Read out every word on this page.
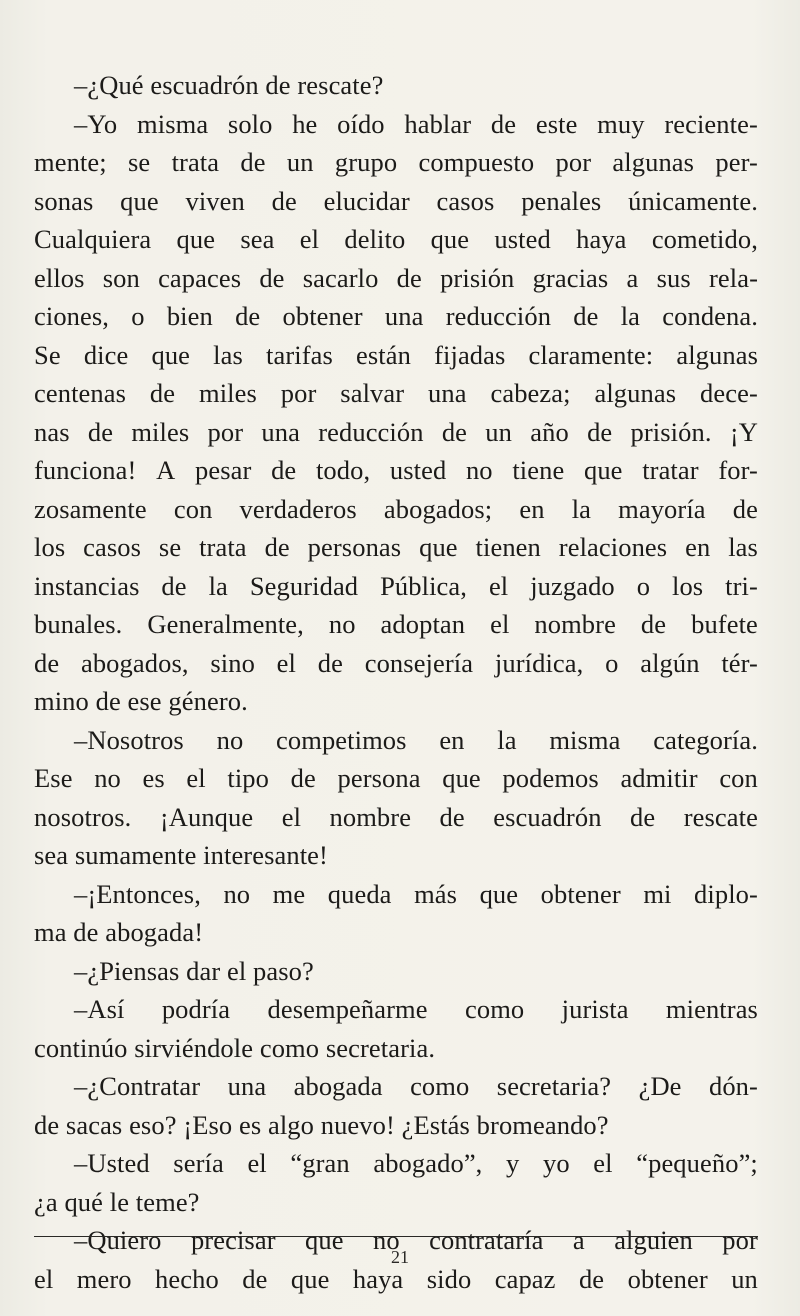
–¿Qué escuadrón de rescate?
–Yo misma solo he oído hablar de este muy reciente-
mente; se trata de un grupo compuesto por algunas per-
sonas que viven de elucidar casos penales únicamente.
Cualquiera que sea el delito que usted haya cometido,
ellos son capaces de sacarlo de prisión gracias a sus rela-
ciones, o bien de obtener una reducción de la condena.
Se dice que las tarifas están fijadas claramente: algunas
centenas de miles por salvar una cabeza; algunas dece-
nas de miles por una reducción de un año de prisión. ¡Y
funciona! A pesar de todo, usted no tiene que tratar for-
zosamente con verdaderos abogados; en la mayoría de
los casos se trata de personas que tienen relaciones en las
instancias de la Seguridad Pública, el juzgado o los tri-
bunales. Generalmente, no adoptan el nombre de bufete
de abogados, sino el de consejería jurídica, o algún tér-
mino de ese género.
–Nosotros no competimos en la misma categoría.
Ese no es el tipo de persona que podemos admitir con
nosotros. ¡Aunque el nombre de escuadrón de rescate
sea sumamente interesante!
–¡Entonces, no me queda más que obtener mi diplo-
ma de abogada!
–¿Piensas dar el paso?
–Así podría desempeñarme como jurista mientras
continúo sirviéndole como secretaria.
–¿Contratar una abogada como secretaria? ¿De dón-
de sacas eso? ¡Eso es algo nuevo! ¿Estás bromeando?
–Usted sería el “gran abogado”, y yo el “pequeño”;
¿a qué le teme?
–Quiero precisar que no contrataría a alguien por
el mero hecho de que haya sido capaz de obtener un
21
